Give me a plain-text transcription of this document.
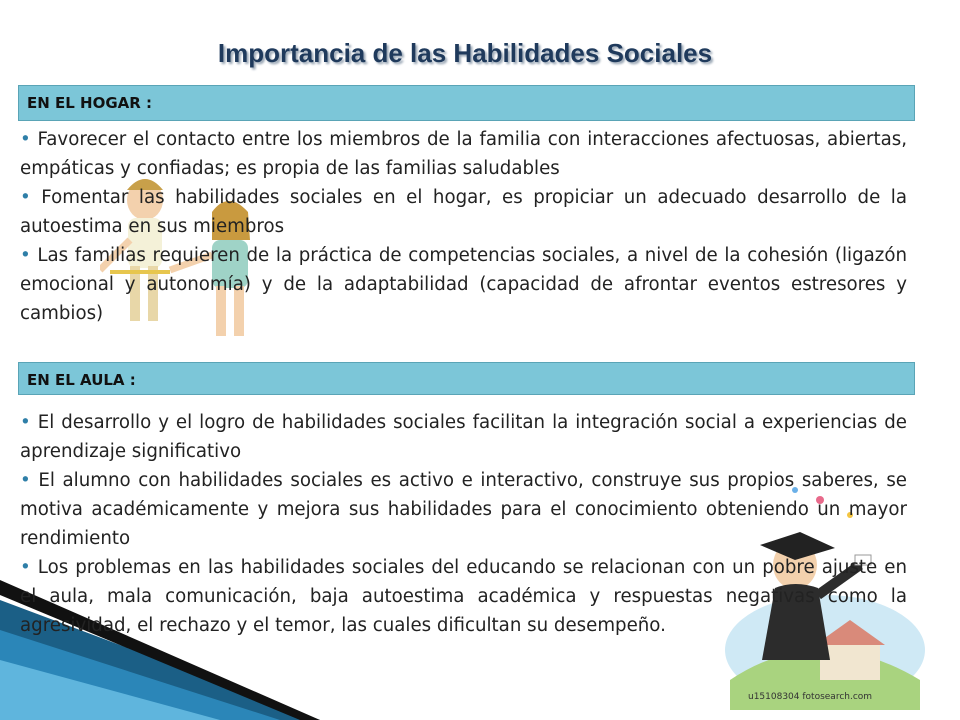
Importancia de las Habilidades Sociales
EN EL HOGAR :

• Favorecer el contacto entre los miembros de la familia con interacciones afectuosas, abiertas, empáticas y confiadas; es propia de las familias saludables

• Fomentar las habilidades sociales en el hogar, es propiciar un adecuado desarrollo de la autoestima en sus miembros

• Las familias requieren de la práctica de competencias sociales, a nivel de la cohesión (ligazón emocional y autonomía) y de la adaptabilidad (capacidad de afrontar eventos estresores y cambios)

EN EL AULA :

• El desarrollo y el logro de habilidades sociales facilitan la integración social a experiencias de aprendizaje significativo

• El alumno con habilidades sociales es activo e interactivo, construye sus propios saberes, se motiva académicamente y mejora sus habilidades para el conocimiento obteniendo un mayor rendimiento

• Los problemas en las habilidades sociales del educando se relacionan con un pobre ajuste en el aula, mala comunicación, baja autoestima académica y respuestas negativas como la agresividad, el rechazo y el temor, las cuales dificultan su desempeño.

u15108304 fotosearch.com
